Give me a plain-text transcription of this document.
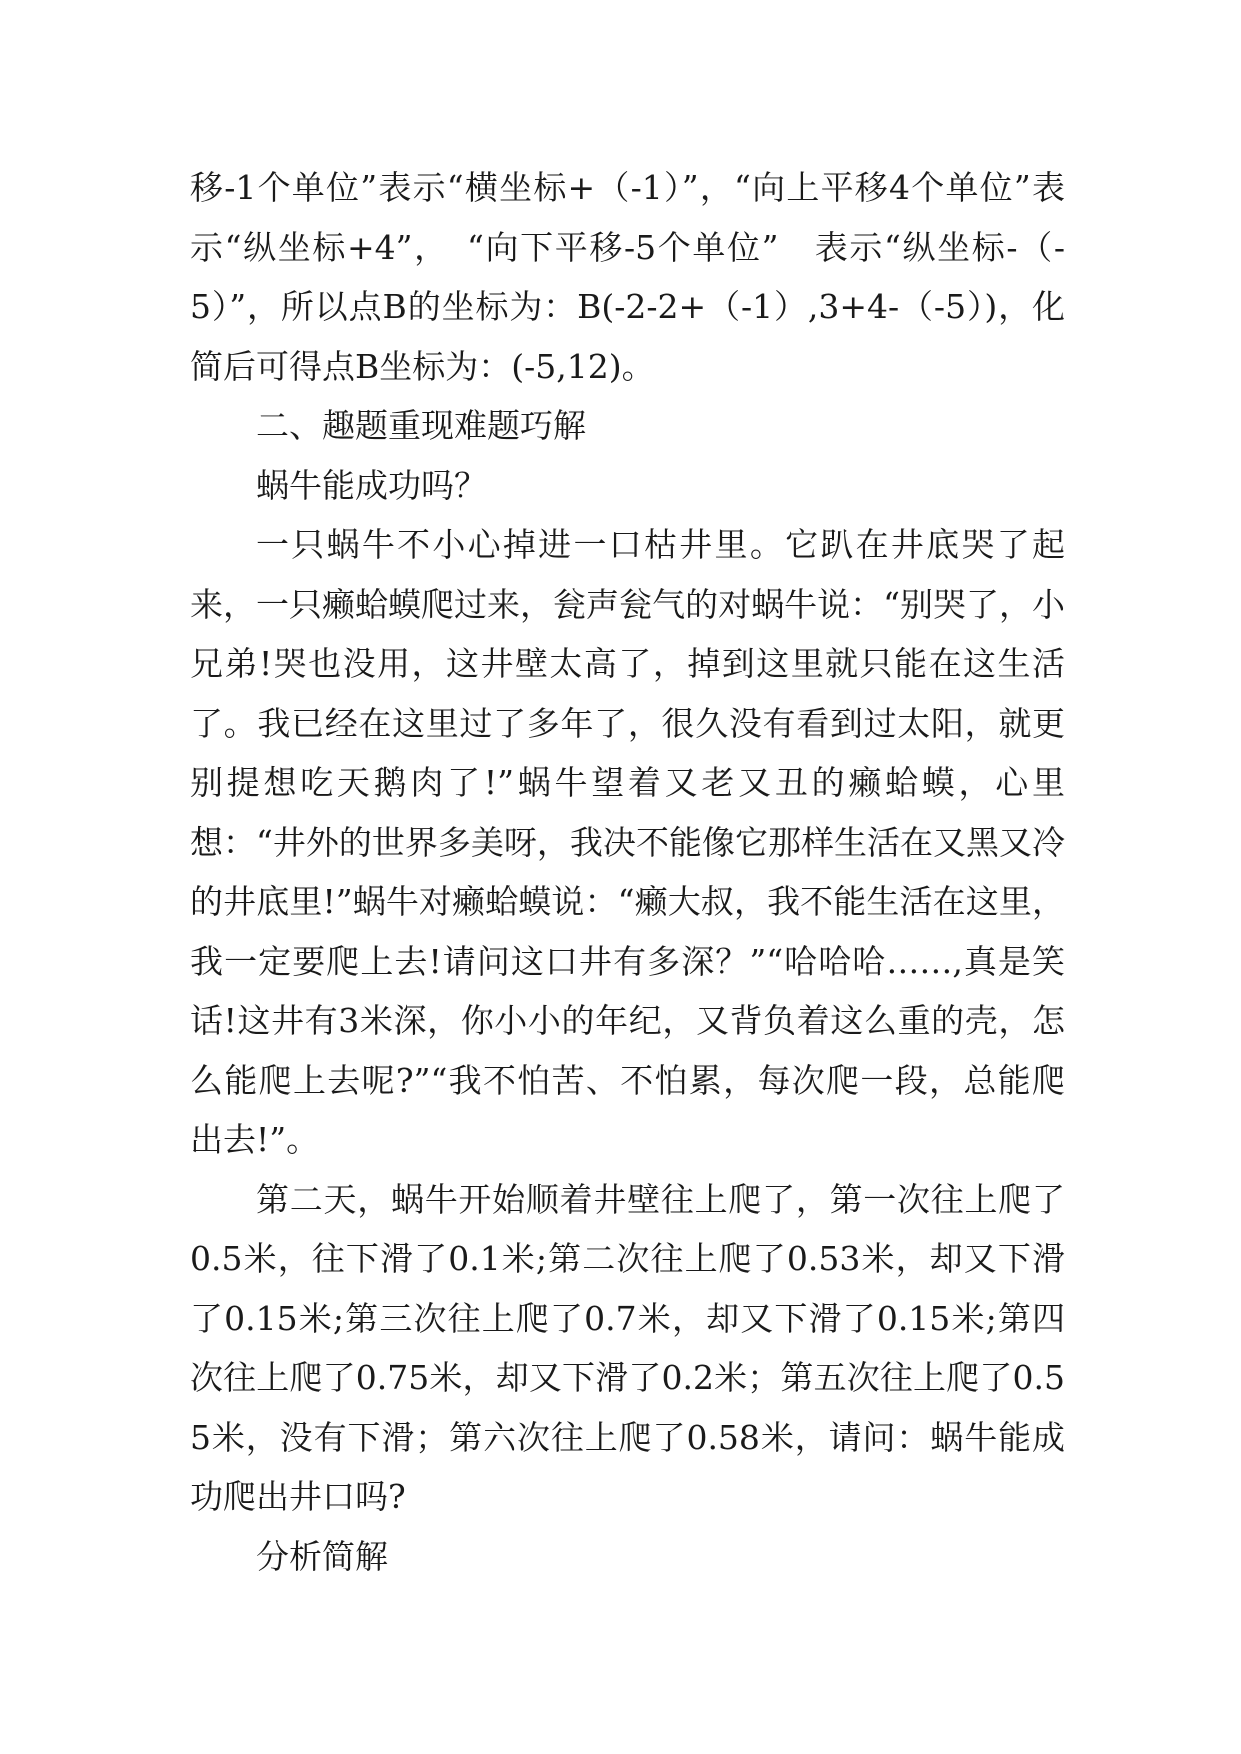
移-1个单位”表示“横坐标+（-1）”，“向上平移4个单位”表示“纵坐标+4”，　“向下平移-5个单位”　表示“纵坐标-（-5）”，所以点B的坐标为：B(-2-2+（-1）,3+4-（-5）)，化简后可得点B坐标为：(-5,12)。

二、趣题重现难题巧解

蜗牛能成功吗？

一只蜗牛不小心掉进一口枯井里。它趴在井底哭了起来，一只癞蛤蟆爬过来，瓮声瓮气的对蜗牛说：“别哭了，小兄弟!哭也没用，这井壁太高了，掉到这里就只能在这生活了。我已经在这里过了多年了，很久没有看到过太阳，就更别提想吃天鹅肉了!”蜗牛望着又老又丑的癞蛤蟆，心里想：“井外的世界多美呀，我决不能像它那样生活在又黑又冷的井底里!”蜗牛对癞蛤蟆说：“癞大叔，我不能生活在这里，我一定要爬上去!请问这口井有多深？”“哈哈哈……,真是笑话!这井有3米深，你小小的年纪，又背负着这么重的壳，怎么能爬上去呢?”“我不怕苦、不怕累，每次爬一段，总能爬出去!”。

第二天，蜗牛开始顺着井壁往上爬了，第一次往上爬了0.5米，往下滑了0.1米;第二次往上爬了0.53米，却又下滑了0.15米;第三次往上爬了0.7米，却又下滑了0.15米;第四次往上爬了0.75米，却又下滑了0.2米；第五次往上爬了0.55米，没有下滑；第六次往上爬了0.58米，请问：蜗牛能成功爬出井口吗?

分析简解
